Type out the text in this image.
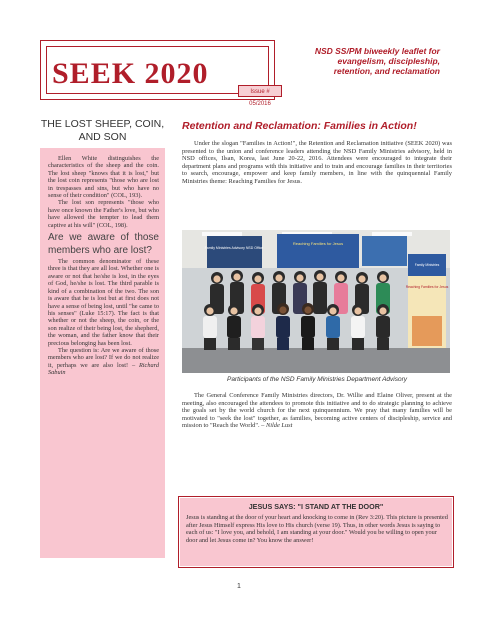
SEEK 2020
Issue # 05/2016
NSD SS/PM biweekly leaflet for evangelism, discipleship, retention, and reclamation
THE LOST SHEEP, COIN, AND SON

Ellen White distinguishes the characteristics of the sheep and the coin. The lost sheep "knows that it is lost," but the lost coin represents "those who are lost in trespasses and sins, but who have no sense of their condition" (COL, 193).

The lost son represents "those who have once known the Father's love, but who have allowed the tempter to lead them captive at his will" (COL, 198).

Are we aware of those members who are lost?

The common denominator of these three is that they are all lost. Whether one is aware or not that he/she is lost, in the eyes of God, he/she is lost. The third parable is kind of a combination of the two. The son is aware that he is lost but at first does not have a sense of being lost, until "he came to his senses" (Luke 15:17). The fact is that whether or not the sheep, the coin, or the son realize of their being lost, the shepherd, the woman, and the father know that their precious belonging has been lost.

The question is: Are we aware of those members who are lost? If we do not realize it, perhaps we are also lost! – Richard Sabuin

Retention and Reclamation: Families in Action!

Under the slogan "Families in Action!", the Retention and Reclamation initiative (SEEK 2020) was presented to the union and conference leaders attending the NSD Family Ministries advisory, held in NSD offices, Ilsan, Korea, last June 20-22, 2016. Attendees were encouraged to integrate their department plans and programs with this initiative and to train and encourage families in their territories to search, encourage, empower and keep family members, in line with the quinquennial Family Ministries theme: Reaching Families for Jesus.

Family Ministries Advisory NSD Office
Reaching Families for Jesus
Family Ministries
Reaching Families for Jesus
Participants of the NSD Family Ministries Department Advisory

The General Conference Family Ministries directors, Dr. Willie and Elaine Oliver, present at the meeting, also encouraged the attendees to promote this initiative and to do strategic planning to achieve the goals set by the world church for the next quinquennium. We pray that many families will be motivated to "seek the lost" together, as families, becoming active centers of discipleship, service and mission to "Reach the World". – Nilde Lust

JESUS SAYS: "I STAND AT THE DOOR"

Jesus is standing at the door of your heart and knocking to come in (Rev 3:20). This picture is presented after Jesus Himself express His love to His church (verse 19). Thus, in other words Jesus is saying to each of us: "I love you, and behold, I am standing at your door." Would you be willing to open your door and let Jesus come in? You know the answer!

1
